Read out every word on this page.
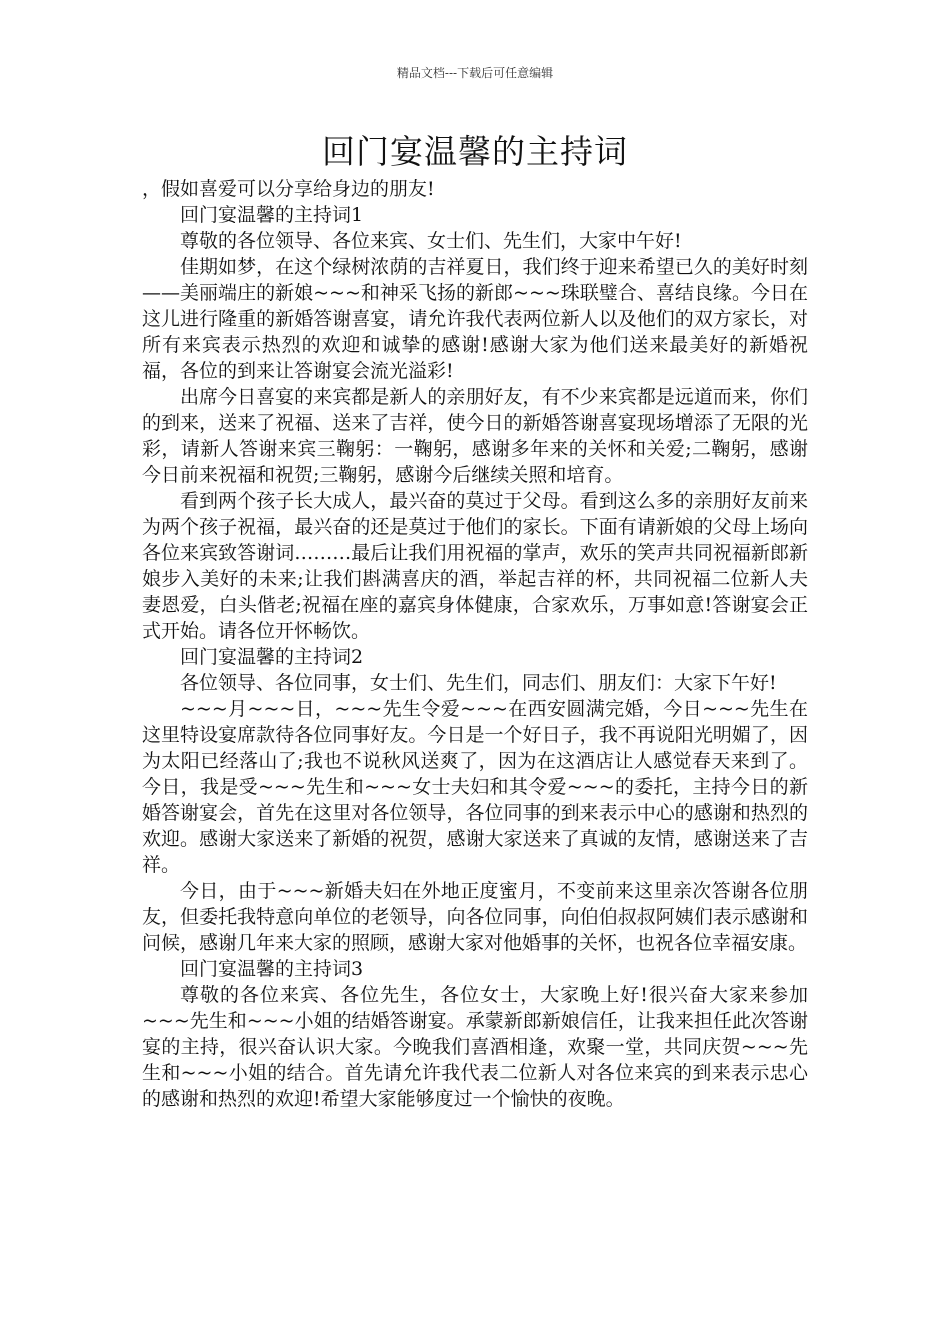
精品文档---下载后可任意编辑
回门宴温馨的主持词

，假如喜爱可以分享给身边的朋友!

回门宴温馨的主持词1

尊敬的各位领导、各位来宾、女士们、先生们，大家中午好!

佳期如梦，在这个绿树浓荫的吉祥夏日，我们终于迎来希望已久的美好时刻——美丽端庄的新娘~~~和神采飞扬的新郎~~~珠联璧合、喜结良缘。今日在这儿进行隆重的新婚答谢喜宴，请允许我代表两位新人以及他们的双方家长，对所有来宾表示热烈的欢迎和诚挚的感谢!感谢大家为他们送来最美好的新婚祝福，各位的到来让答谢宴会流光溢彩!

出席今日喜宴的来宾都是新人的亲朋好友，有不少来宾都是远道而来，你们的到来，送来了祝福、送来了吉祥，使今日的新婚答谢喜宴现场增添了无限的光彩，请新人答谢来宾三鞠躬：一鞠躬，感谢多年来的关怀和关爱;二鞠躬，感谢今日前来祝福和祝贺;三鞠躬，感谢今后继续关照和培育。

看到两个孩子长大成人，最兴奋的莫过于父母。看到这么多的亲朋好友前来为两个孩子祝福，最兴奋的还是莫过于他们的家长。下面有请新娘的父母上场向各位来宾致答谢词………最后让我们用祝福的掌声，欢乐的笑声共同祝福新郎新娘步入美好的未来;让我们斟满喜庆的酒，举起吉祥的杯，共同祝福二位新人夫妻恩爱，白头偕老;祝福在座的嘉宾身体健康，合家欢乐，万事如意!答谢宴会正式开始。请各位开怀畅饮。

回门宴温馨的主持词2

各位领导、各位同事，女士们、先生们，同志们、朋友们：大家下午好!

~~~月~~~日，~~~先生令爱~~~在西安圆满完婚，今日~~~先生在这里特设宴席款待各位同事好友。今日是一个好日子，我不再说阳光明媚了，因为太阳已经落山了;我也不说秋风送爽了，因为在这酒店让人感觉春天来到了。今日，我是受~~~先生和~~~女士夫妇和其令爱~~~的委托，主持今日的新婚答谢宴会，首先在这里对各位领导，各位同事的到来表示中心的感谢和热烈的欢迎。感谢大家送来了新婚的祝贺，感谢大家送来了真诚的友情，感谢送来了吉祥。

今日，由于~~~新婚夫妇在外地正度蜜月，不变前来这里亲次答谢各位朋友，但委托我特意向单位的老领导，向各位同事，向伯伯叔叔阿姨们表示感谢和问候，感谢几年来大家的照顾，感谢大家对他婚事的关怀，也祝各位幸福安康。

回门宴温馨的主持词3

尊敬的各位来宾、各位先生，各位女士，大家晚上好!很兴奋大家来参加~~~先生和~~~小姐的结婚答谢宴。承蒙新郎新娘信任，让我来担任此次答谢宴的主持，很兴奋认识大家。今晚我们喜酒相逢，欢聚一堂，共同庆贺~~~先生和~~~小姐的结合。首先请允许我代表二位新人对各位来宾的到来表示忠心的感谢和热烈的欢迎!希望大家能够度过一个愉快的夜晚。
